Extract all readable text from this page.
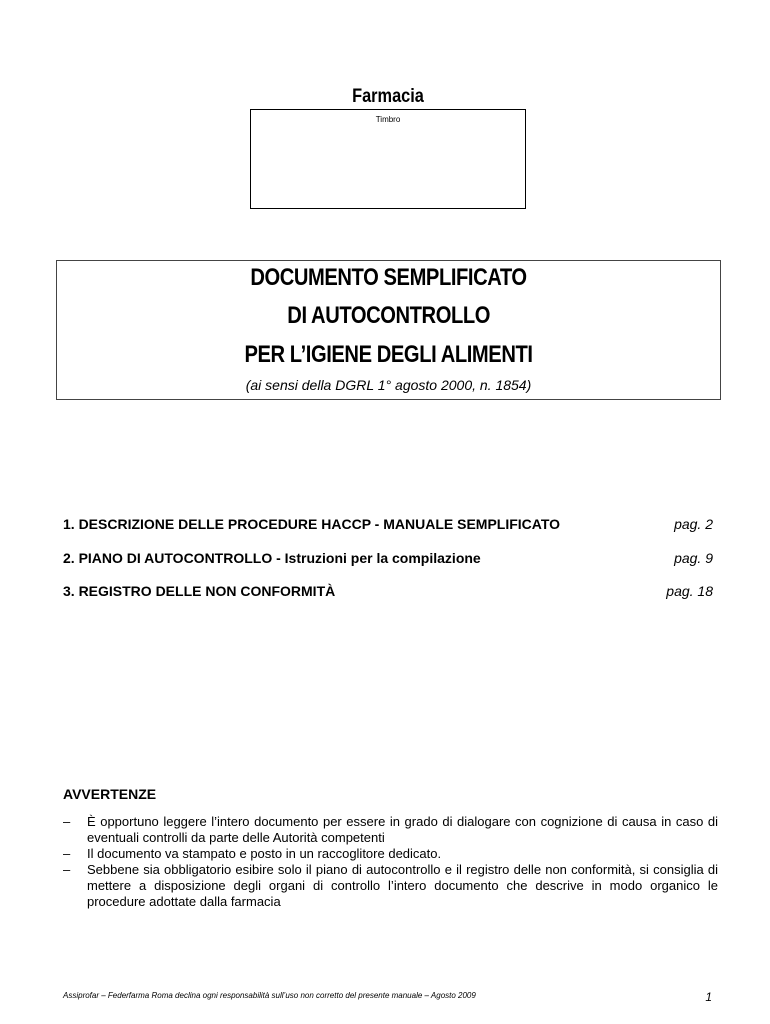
Farmacia
Timbro
DOCUMENTO SEMPLIFICATO
DI AUTOCONTROLLO
PER L’IGIENE DEGLI ALIMENTI
(ai sensi della DGRL 1° agosto 2000, n. 1854)
1. DESCRIZIONE DELLE PROCEDURE HACCP - MANUALE SEMPLIFICATO	pag. 2
2. PIANO DI AUTOCONTROLLO - Istruzioni per la compilazione	pag. 9
3. REGISTRO DELLE NON CONFORMITÀ	pag. 18
AVVERTENZE
– È opportuno leggere l’intero documento per essere in grado di dialogare con cognizione di causa in caso di eventuali controlli da parte delle Autorità competenti
– Il documento va stampato e posto in un raccoglitore dedicato.
– Sebbene sia obbligatorio esibire solo il piano di autocontrollo e il registro delle non conformità, si consiglia di mettere a disposizione degli organi di controllo l’intero documento che descrive in modo organico le procedure adottate dalla farmacia
Assiprofar – Federfarma Roma declina ogni responsabilità sull’uso non corretto del presente manuale – Agosto 2009	1
